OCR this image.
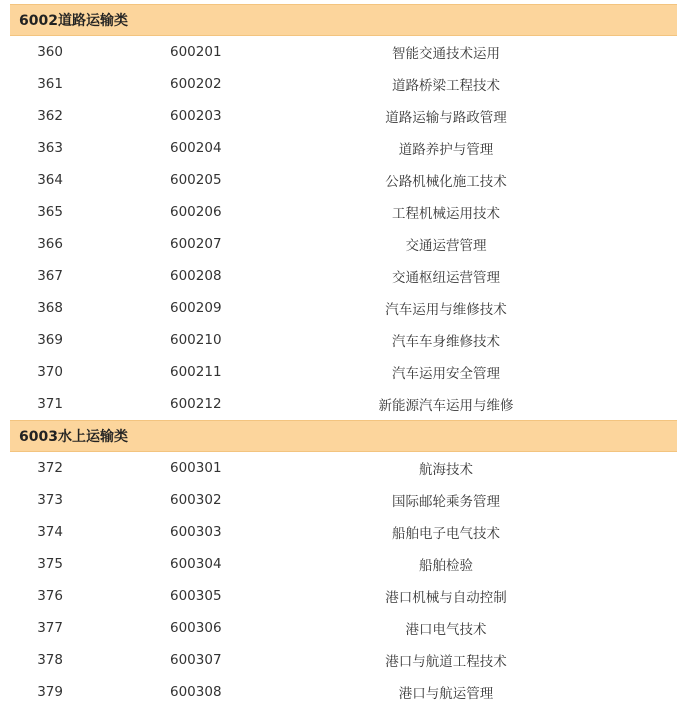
6002道路运输类
360	600201	智能交通技术运用
361	600202	道路桥梁工程技术
362	600203	道路运输与路政管理
363	600204	道路养护与管理
364	600205	公路机械化施工技术
365	600206	工程机械运用技术
366	600207	交通运营管理
367	600208	交通枢纽运营管理
368	600209	汽车运用与维修技术
369	600210	汽车车身维修技术
370	600211	汽车运用安全管理
371	600212	新能源汽车运用与维修
6003水上运输类
372	600301	航海技术
373	600302	国际邮轮乘务管理
374	600303	船舶电子电气技术
375	600304	船舶检验
376	600305	港口机械与自动控制
377	600306	港口电气技术
378	600307	港口与航道工程技术
379	600308	港口与航运管理
